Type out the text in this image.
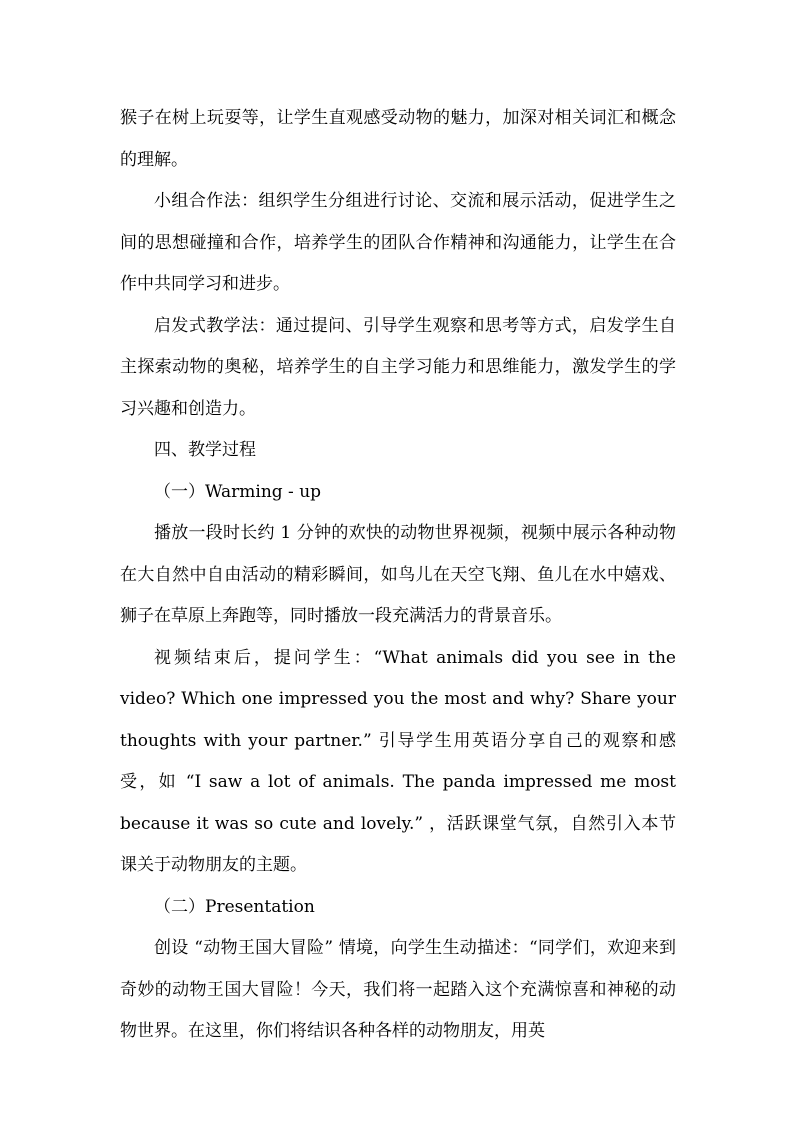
猴子在树上玩耍等，让学生直观感受动物的魅力，加深对相关词汇和概念的理解。

小组合作法：组织学生分组进行讨论、交流和展示活动，促进学生之间的思想碰撞和合作，培养学生的团队合作精神和沟通能力，让学生在合作中共同学习和进步。

启发式教学法：通过提问、引导学生观察和思考等方式，启发学生自主探索动物的奥秘，培养学生的自主学习能力和思维能力，激发学生的学习兴趣和创造力。

四、教学过程

（一）Warming - up

播放一段时长约 1 分钟的欢快的动物世界视频，视频中展示各种动物在大自然中自由活动的精彩瞬间，如鸟儿在天空飞翔、鱼儿在水中嬉戏、狮子在草原上奔跑等，同时播放一段充满活力的背景音乐。

视频结束后，提问学生：“What animals did you see in the video? Which one impressed you the most and why? Share your thoughts with your partner.” 引导学生用英语分享自己的观察和感受，如 “I saw a lot of animals. The panda impressed me most because it was so cute and lovely.” ，活跃课堂气氛，自然引入本节课关于动物朋友的主题。

（二）Presentation

创设 “动物王国大冒险” 情境，向学生生动描述：“同学们，欢迎来到奇妙的动物王国大冒险！今天，我们将一起踏入这个充满惊喜和神秘的动物世界。在这里，你们将结识各种各样的动物朋友，用英
